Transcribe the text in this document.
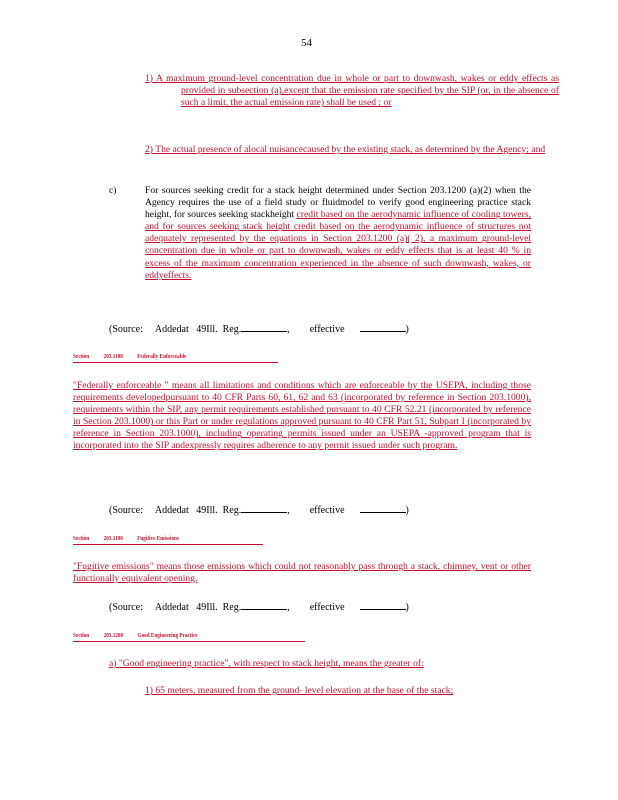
54
1) A maximum ground-level concentration due in whole or part to downwash, wakes or eddy effects as provided in subsection (a),except that the emission rate specified by the SIP (or, in the absence of such a limit, the actual emission rate) shall be used ; or
2) The actual presence of alocal nuisancecaused by the existing stack, as determined by the Agency; and
c)	For sources seeking credit for a stack height determined under Section 203.1200 (a)(2) when the Agency requires the use of a field study or fluidmodel to verify good engineering practice stack height, for sources seeking stackheight credit based on the aerodynamic influence of cooling towers, and for sources seeking stack height credit based on the aerodynamic influence of structures not adequately represented by the equations in Section 203.1200 (a)( 2), a maximum ground-level concentration due in whole or part to downwash, wakes or eddy effects that is at least 40 % in excess of the maximum concentration experienced in the absence of such downwash, wakes, or eddyeffects.
(Source: Addedat 49Ill. Reg.	, effective	)
Section 203.1180 Federally Enforceable
"Federally enforceable " means all limitations and conditions which are enforceable by the USEPA, including those requirements developedpursuant to 40 CFR Parts 60, 61, 62 and 63 (incorporated by reference in Section 203.1000), requirements within the SIP, any permit requirements established pursuant to 40 CFR 52.21 (incorporated by reference in Section 203.1000) or this Part or under regulations approved pursuant to 40 CFR Part 51, Subpart I (incorporated by reference in Section 203.1000), including operating permits issued under an USEPA -approved program that is incorporated into the SIP andexpressly requires adherence to any permit issued under such program.
(Source: Addedat 49Ill. Reg.	, effective	)
Section 203.1190 Fugitive Emissions
"Fugitive emissions" means those emissions which could not reasonably pass through a stack, chimney, vent or other functionally equivalent opening.
(Source: Addedat 49Ill. Reg.	, effective	)
Section 203.1200 Good Engineering Practice
a) "Good engineering practice", with respect to stack height, means the greater of:
1) 65 meters, measured from the ground- level elevation at the base of the stack;
